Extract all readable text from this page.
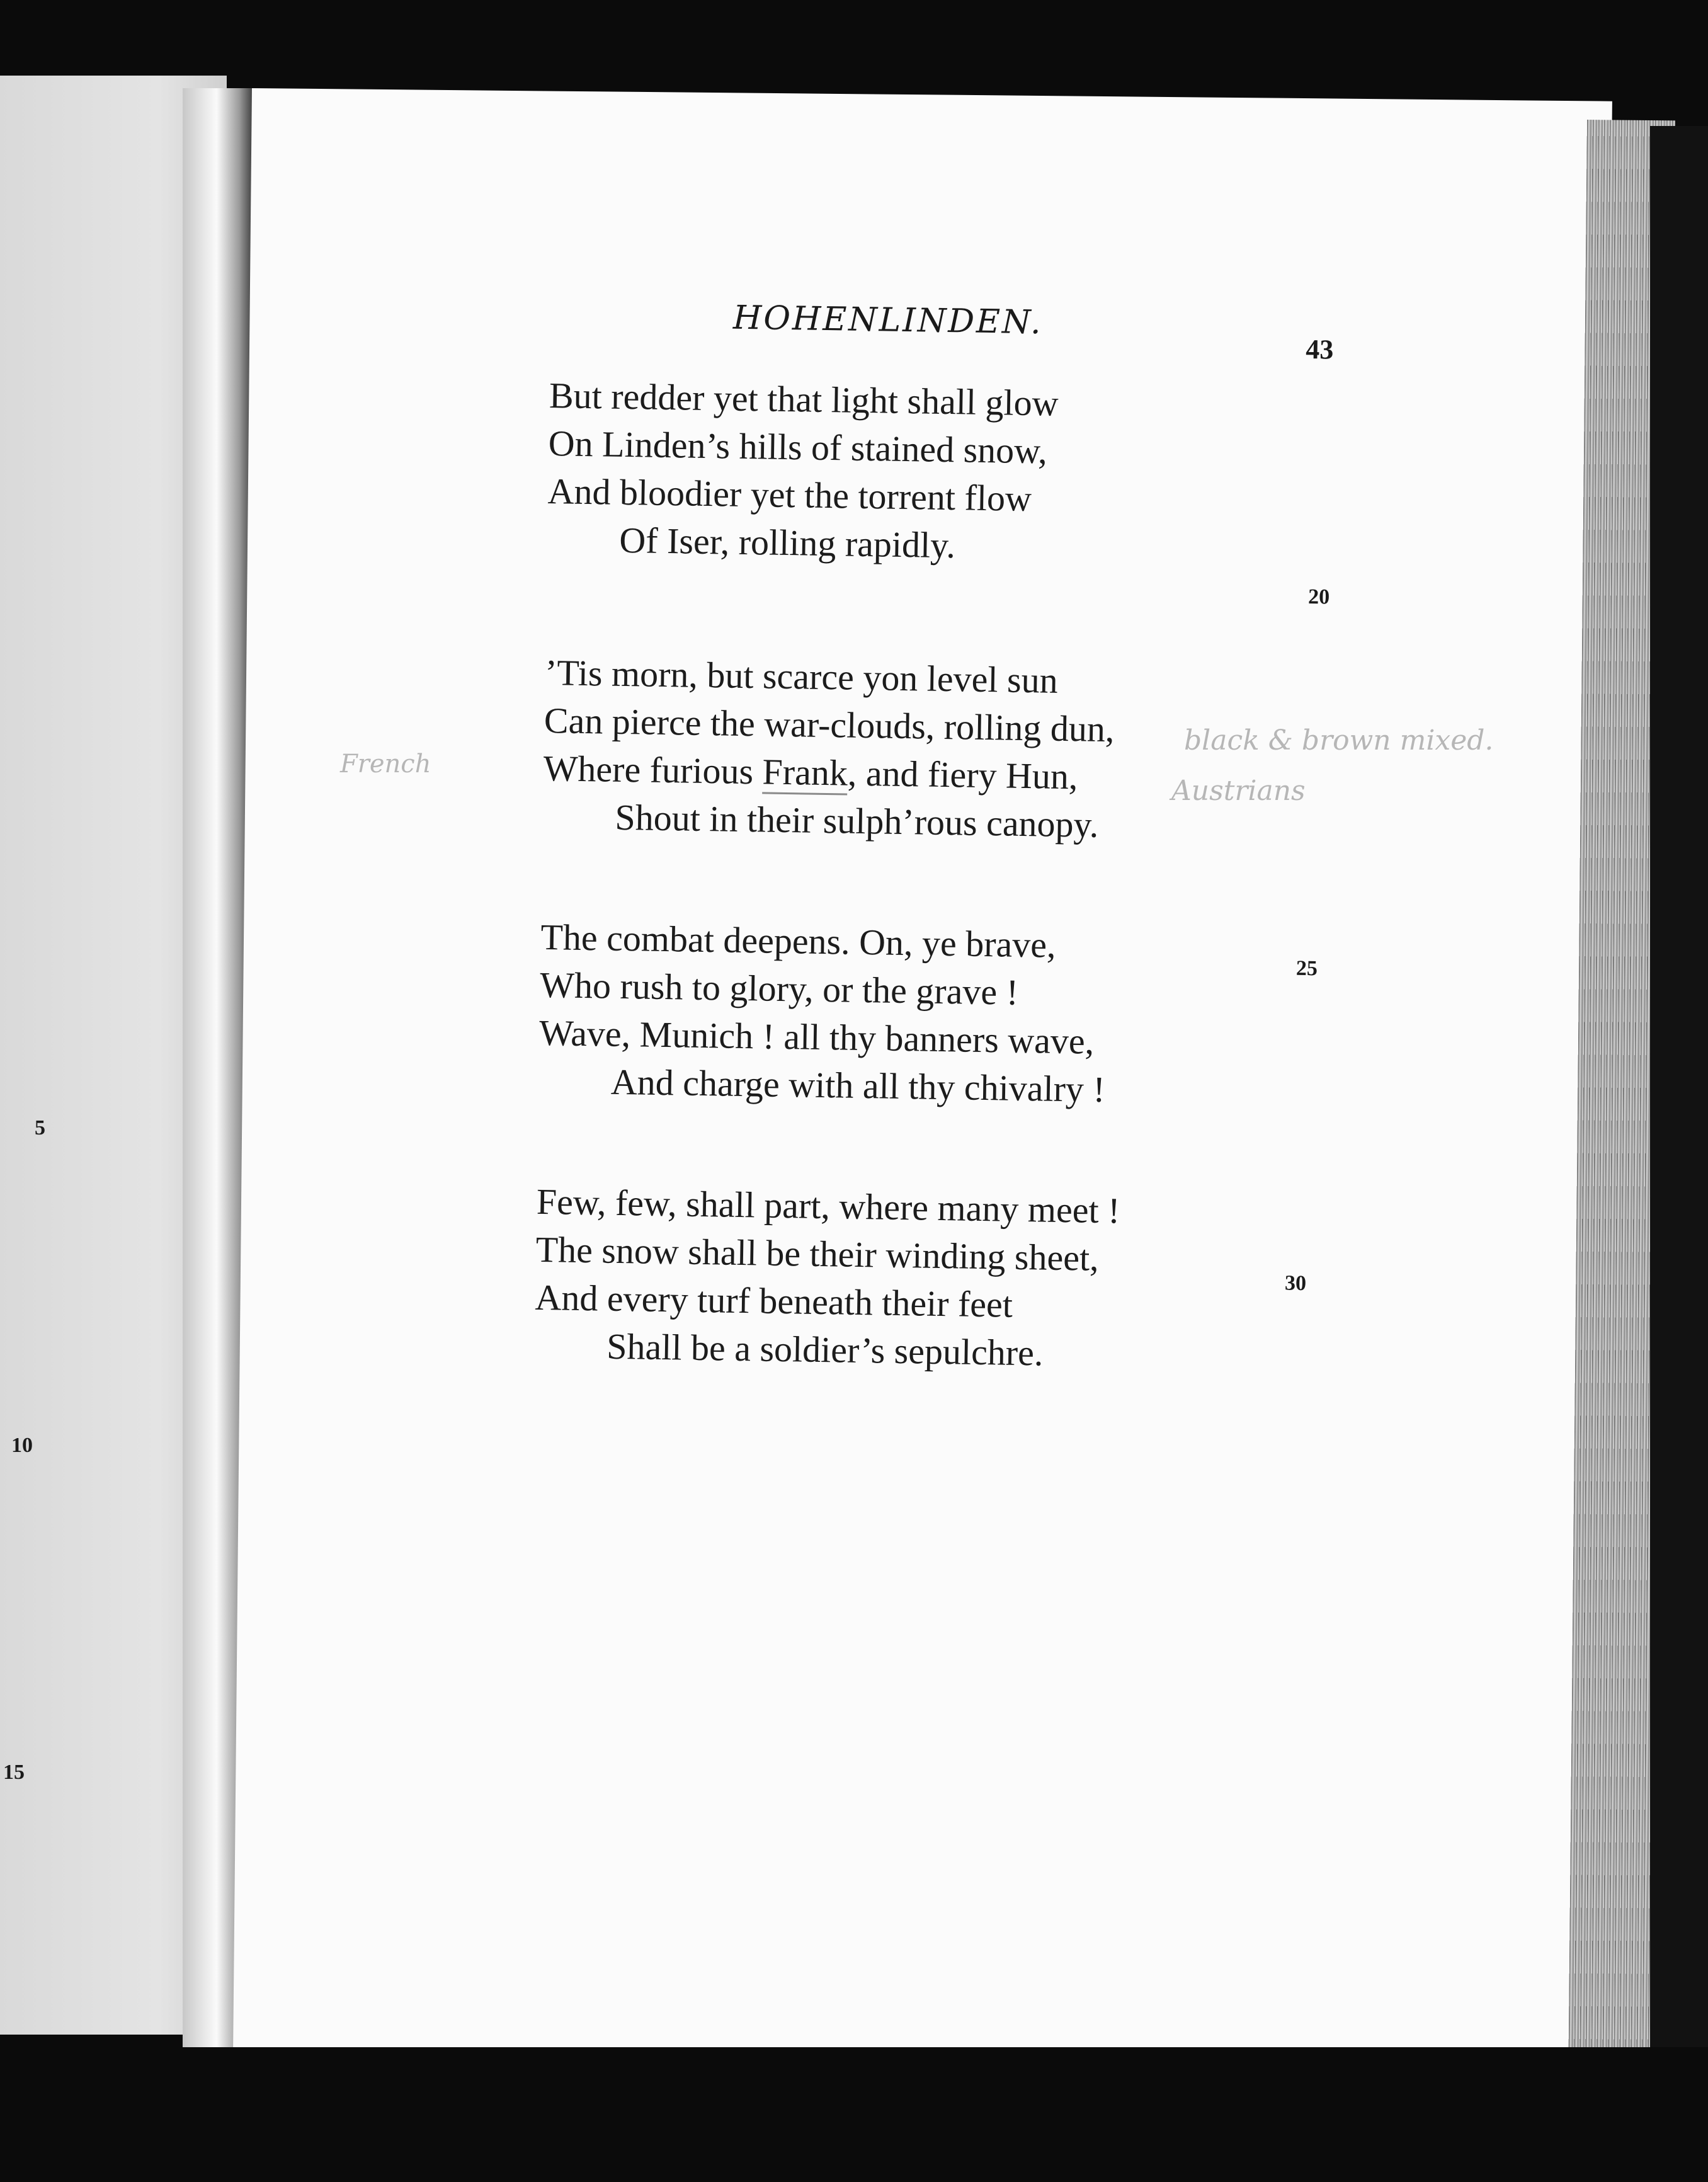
5
10
15
HOHENLINDEN.
43
But redder yet that light shall glow
On Linden’s hills of stained snow,
And bloodier yet the torrent flow
Of Iser, rolling rapidly.
20
’Tis morn, but scarce yon level sun
Can pierce the war-clouds, rolling dun,
Where furious Frank, and fiery Hun,
Shout in their sulph’rous canopy.
The combat deepens. On, ye brave,
Who rush to glory, or the grave !
Wave, Munich ! all thy banners wave,
And charge with all thy chivalry !
25
Few, few, shall part, where many meet !
The snow shall be their winding sheet,
And every turf beneath their feet
Shall be a soldier’s sepulchre.
30
French
black & brown mixed.
Austrians
